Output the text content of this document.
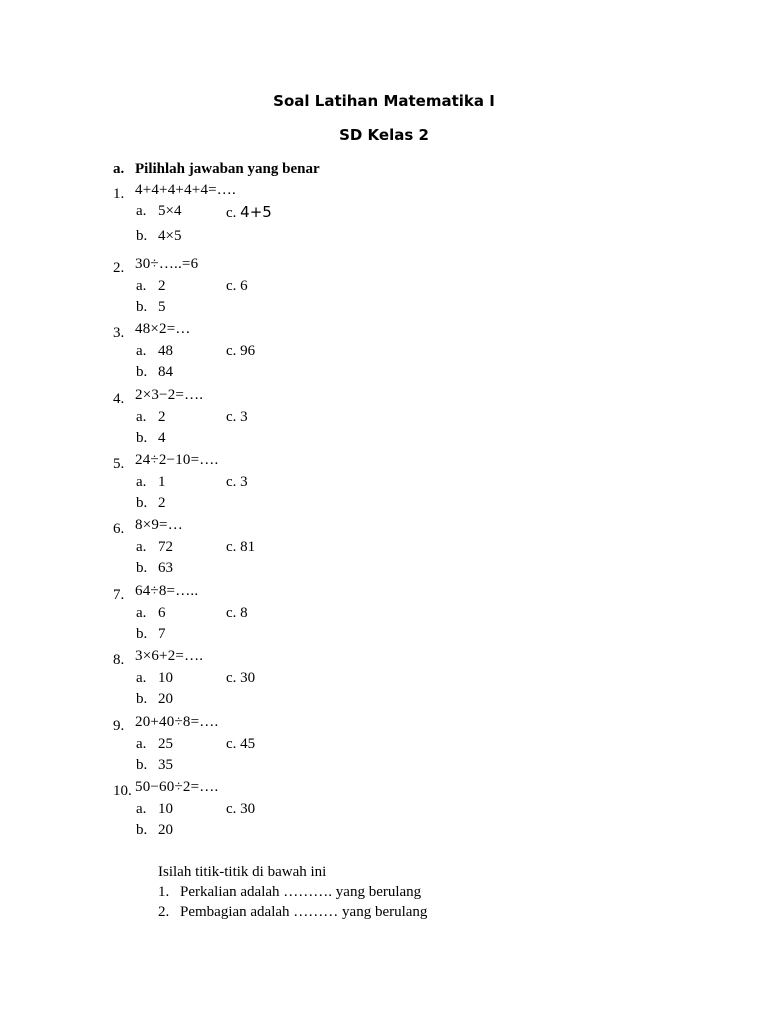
Soal Latihan Matematika I
SD Kelas 2
a. Pilihlah jawaban yang benar
1. 4+4+4+4+4=….
a. 5×4	c. 4+5
b. 4×5
2. 30÷…..=6
a. 2	c. 6
b. 5
3. 48×2=…
a. 48	c. 96
b. 84
4. 2×3−2=….
a. 2	c. 3
b. 4
5. 24÷2−10=….
a. 1	c. 3
b. 2
6. 8×9=…
a. 72	c. 81
b. 63
7. 64÷8=…..
a. 6	c. 8
b. 7
8. 3×6+2=….
a. 10	c. 30
b. 20
9. 20+40÷8=….
a. 25	c. 45
b. 35
10. 50−60÷2=….
a. 10	c. 30
b. 20
Isilah titik-titik di bawah ini
1. Perkalian adalah ………. yang berulang
2. Pembagian adalah ……… yang berulang
